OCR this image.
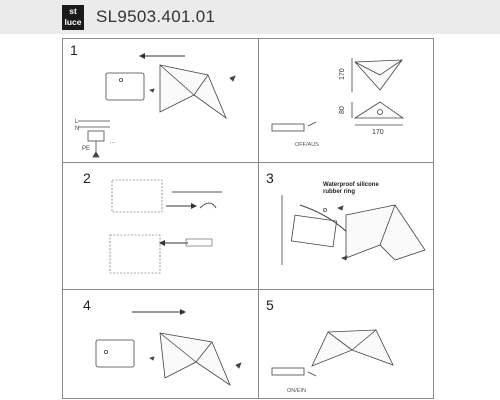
st
luce SL9503.401.01
1
2	3
4	5
Waterproof silicone
rubber ring
OFF/AUS
ON/EIN
L
N
PE
...
170
80
170
